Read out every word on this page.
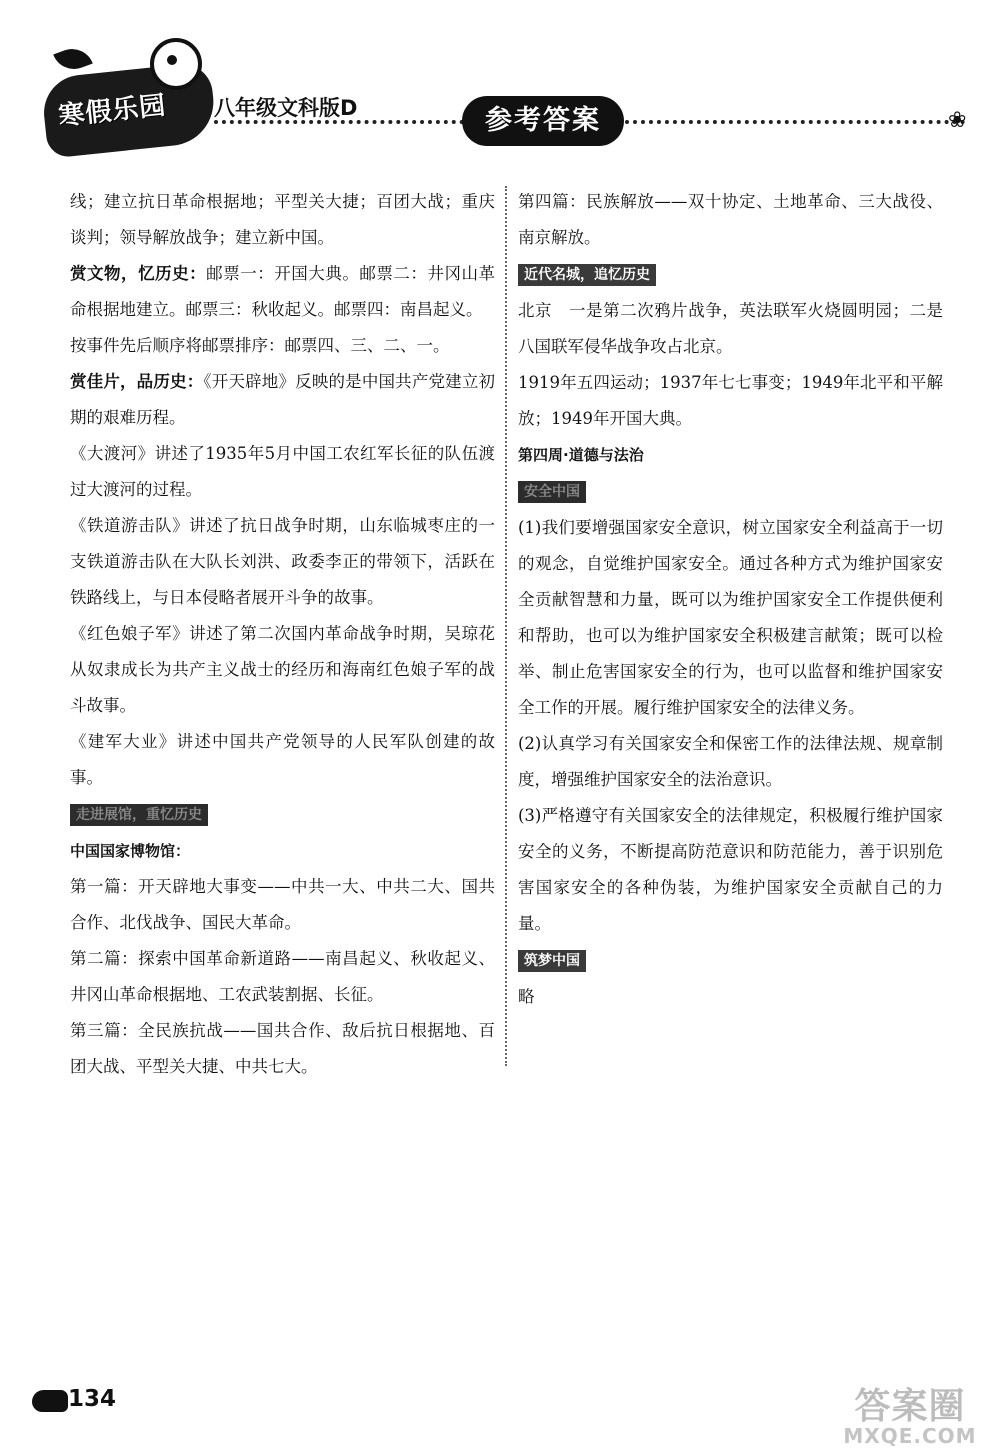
寒假乐园	八年级文科版D	参考答案	❀

线；建立抗日革命根据地；平型关大捷；百团大战；重庆谈判；领导解放战争；建立新中国。

赏文物，忆历史：邮票一：开国大典。邮票二：井冈山革命根据地建立。邮票三：秋收起义。邮票四：南昌起义。

按事件先后顺序将邮票排序：邮票四、三、二、一。

赏佳片，品历史：《开天辟地》反映的是中国共产党建立初期的艰难历程。

《大渡河》讲述了1935年5月中国工农红军长征的队伍渡过大渡河的过程。

《铁道游击队》讲述了抗日战争时期，山东临城枣庄的一支铁道游击队在大队长刘洪、政委李正的带领下，活跃在铁路线上，与日本侵略者展开斗争的故事。

《红色娘子军》讲述了第二次国内革命战争时期，吴琼花从奴隶成长为共产主义战士的经历和海南红色娘子军的战斗故事。

《建军大业》讲述中国共产党领导的人民军队创建的故事。

走进展馆，重忆历史

中国国家博物馆：

第一篇：开天辟地大事变——中共一大、中共二大、国共合作、北伐战争、国民大革命。

第二篇：探索中国革命新道路——南昌起义、秋收起义、井冈山革命根据地、工农武装割据、长征。

第三篇：全民族抗战——国共合作、敌后抗日根据地、百团大战、平型关大捷、中共七大。

第四篇：民族解放——双十协定、土地革命、三大战役、南京解放。

近代名城，追忆历史

北京　一是第二次鸦片战争，英法联军火烧圆明园；二是八国联军侵华战争攻占北京。

1919年五四运动；1937年七七事变；1949年北平和平解放；1949年开国大典。

第四周·道德与法治

安全中国

(1)我们要增强国家安全意识，树立国家安全利益高于一切的观念，自觉维护国家安全。通过各种方式为维护国家安全贡献智慧和力量，既可以为维护国家安全工作提供便利和帮助，也可以为维护国家安全积极建言献策；既可以检举、制止危害国家安全的行为，也可以监督和维护国家安全工作的开展。履行维护国家安全的法律义务。

(2)认真学习有关国家安全和保密工作的法律法规、规章制度，增强维护国家安全的法治意识。

(3)严格遵守有关国家安全的法律规定，积极履行维护国家安全的义务，不断提高防范意识和防范能力，善于识别危害国家安全的各种伪装，为维护国家安全贡献自己的力量。

筑梦中国

略

134	答案圈
MXQE.COM
